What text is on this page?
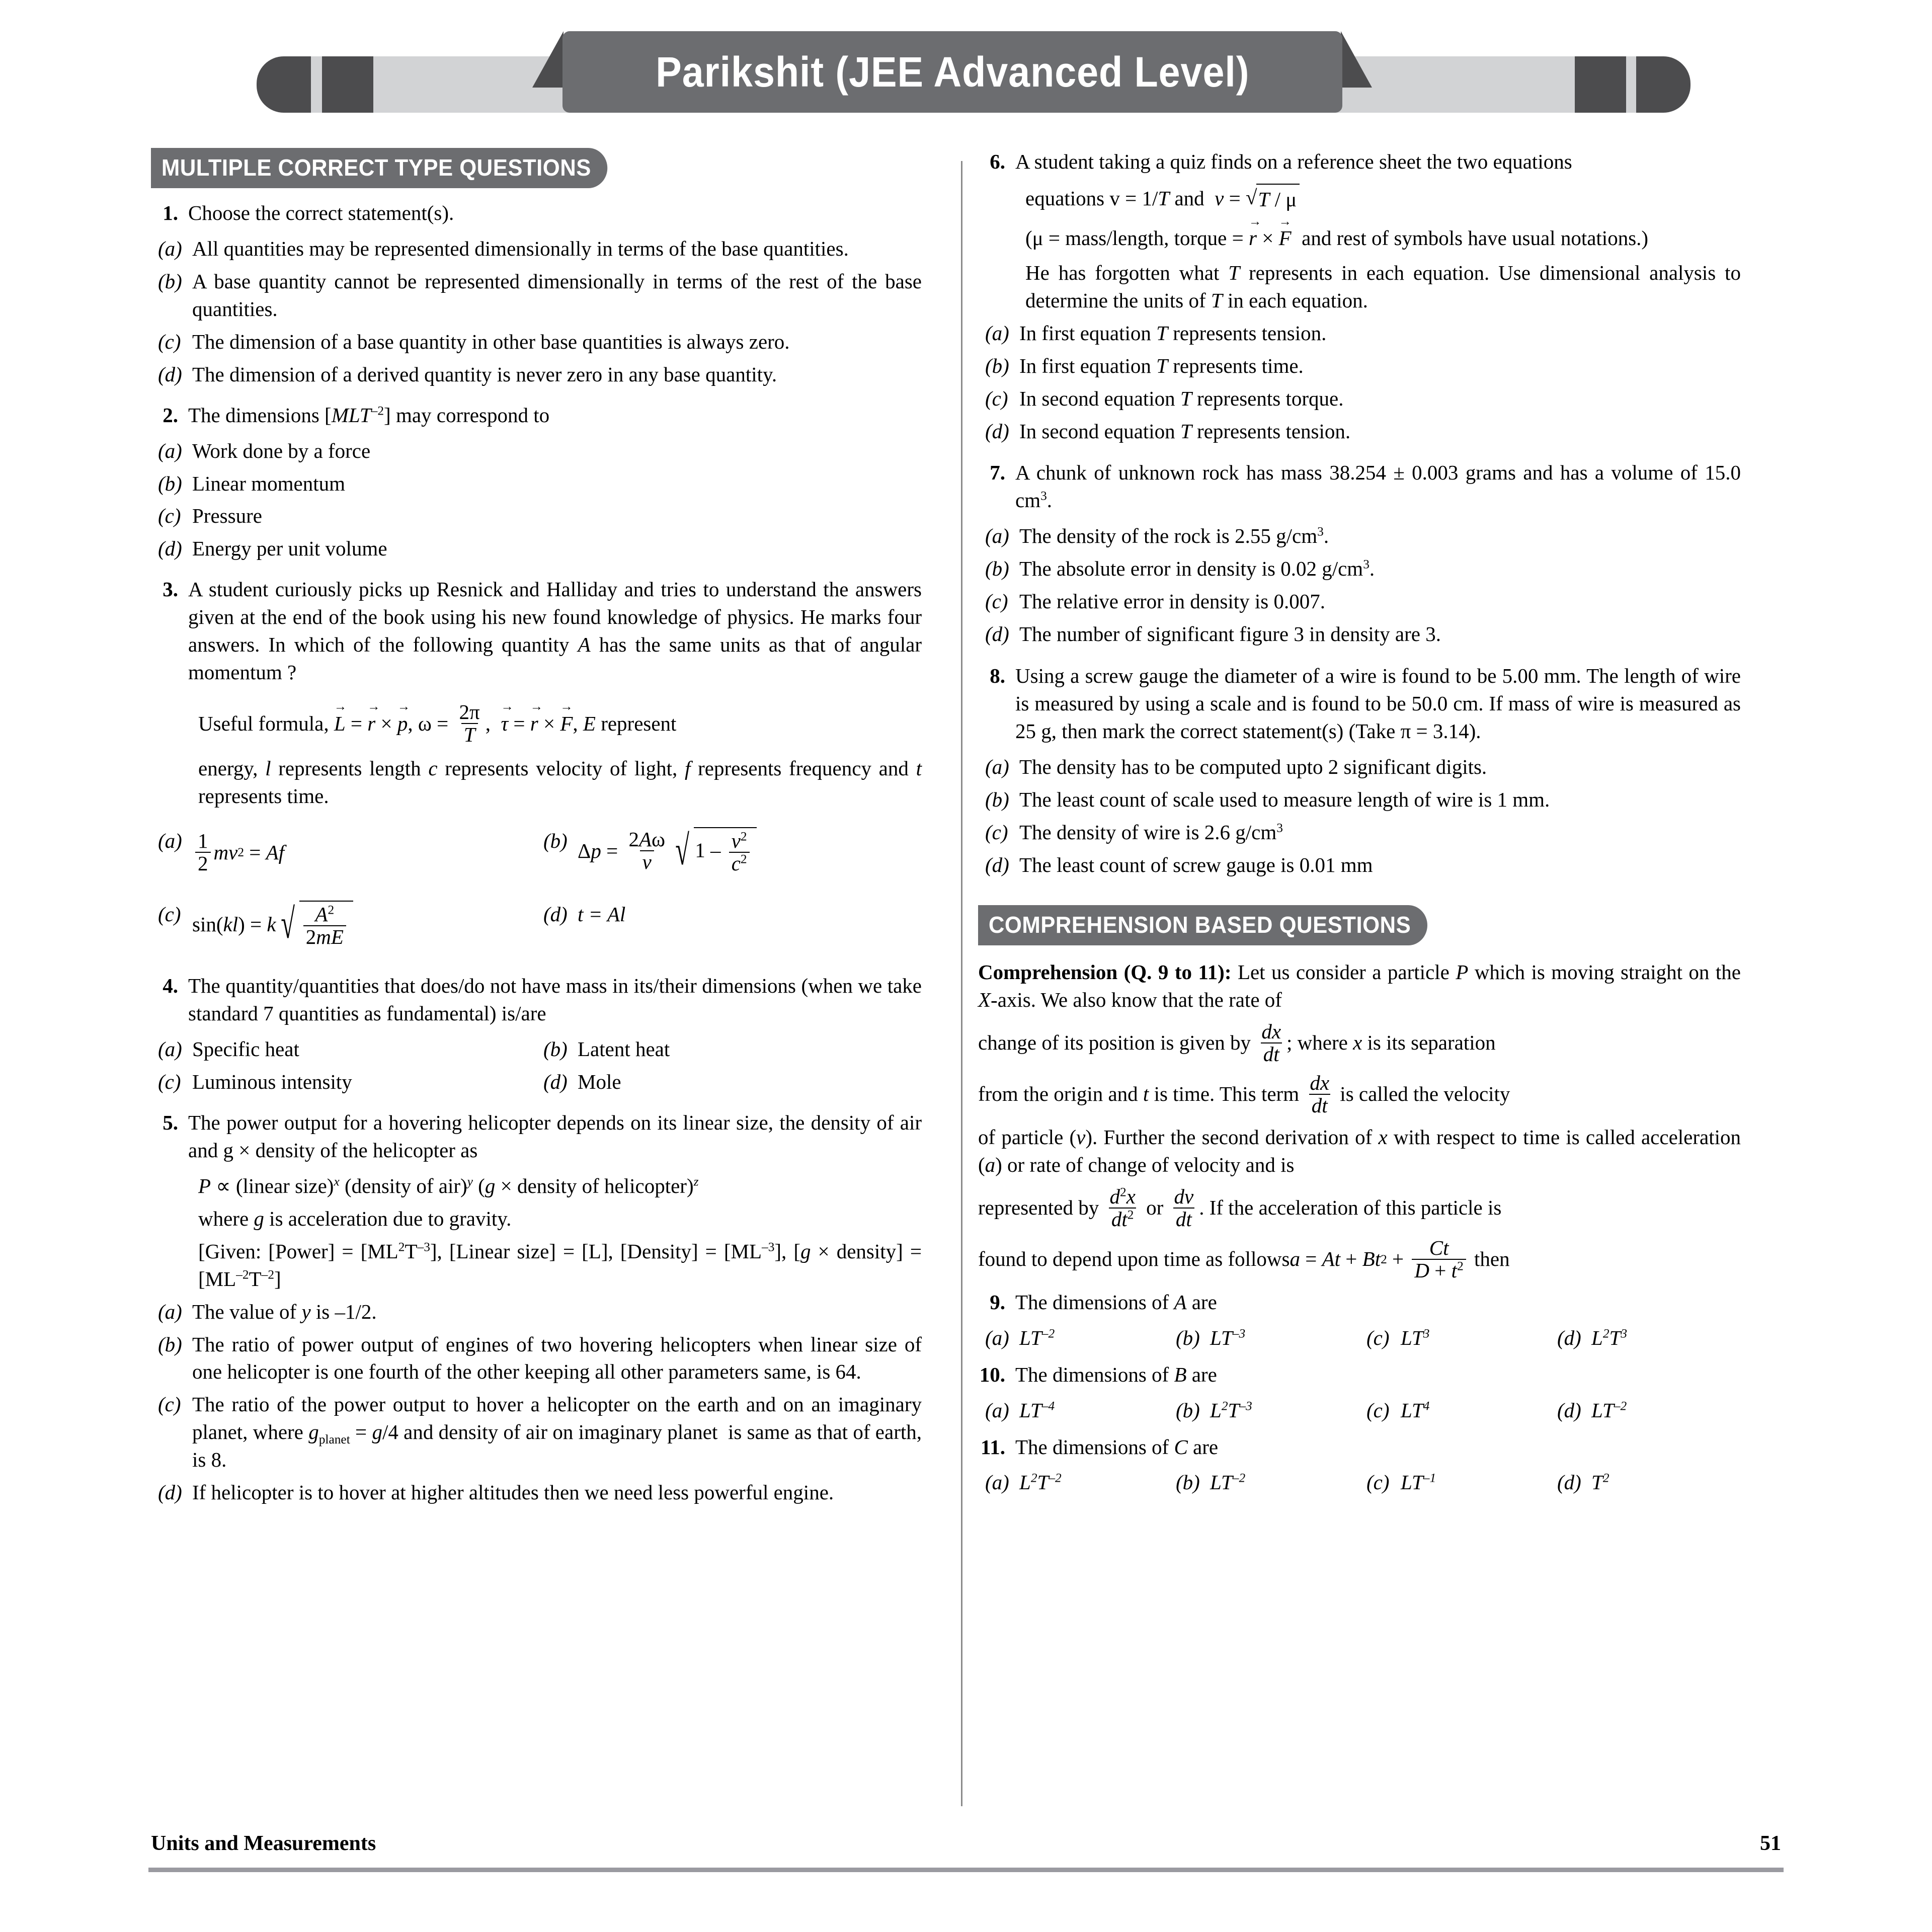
Parikshit (JEE Advanced Level)
MULTIPLE CORRECT TYPE QUESTIONS
1. Choose the correct statement(s).
(a) All quantities may be represented dimensionally in terms of the base quantities.
(b) A base quantity cannot be represented dimensionally in terms of the rest of the base quantities.
(c) The dimension of a base quantity in other base quantities is always zero.
(d) The dimension of a derived quantity is never zero in any base quantity.
2. The dimensions $[MLT^{-2}]$ may correspond to
(a) Work done by a force
(b) Linear momentum
(c) Pressure
(d) Energy per unit volume
3. A student curiously picks up Resnick and Halliday and tries to understand the answers given at the end of the book using his new found knowledge of physics. He marks four answers. In which of the following quantity A has the same units as that of angular momentum ?
Useful formula,
L → = r → × p → , $\omega = \frac{2\pi}{T}$ , τ → = r → × F → , E
represent
energy, l represents length c represents velocity of light, f represents frequency and t represents time.
$(a) \frac{1}{2}$ mv 2 = Af	(b) Δ $p = \frac{2A\omega}{v}$ √ $1 - \frac{v^2}{c^2}$
(c) sin( kl ) = k √ $\frac{A^2}{2mE}$	(d) t = Al
4. The quantity/quantities that does/do not have mass in its/their dimensions (when we take standard 7 quantities as fundamental) is/are
(a) Specific heat	(b) Latent heat
(c) Luminous intensity	(d) Mole
5. The power output for a hovering helicopter depends on its linear size, the density of air and g × density of the helicopter as
P ∝ (linear size)$^x$ (density of air)$^y$ (g × density of helicopter)$^z$
where g is acceleration due to gravity.
[Given: [Power] = $[ML^2T^{-3}]$, [Linear size] = [L], [Density] = $[ML^{-3}]$, [g × density] = $[ML^{-2}T^{-2}]$
(a) The value of y is –1/2.
(b) The ratio of power output of engines of two hovering helicopters when linear size of one helicopter is one fourth of the other keeping all other parameters same, is 64.
(c) The ratio of the power output to hover a helicopter on the earth and on an imaginary planet, where $g_{planet} = g/4$ and density of air on imaginary planet  is same as that of earth, is 8.
(d) If helicopter is to hover at higher altitudes then we need less powerful engine.
6. A student taking a quiz finds on a reference sheet the two equations
equations v = 1/ T and v = √ T / μ
(μ = mass/length, torque = r → × F →  and rest of symbols have usual notations.)
He has forgotten what T represents in each equation. Use dimensional analysis to determine the units of T in each equation.
(a) In first equation T represents tension.
(b) In first equation T represents time.
(c) In second equation T represents torque.
(d) In second equation T represents tension.
7. A chunk of unknown rock has mass 38.254 ± 0.003 grams and has a volume of 15.0 $cm^3$.
(a) The density of the rock is 2.55 $g/cm^3$.
(b) The absolute error in density is 0.02 $g/cm^3$.
(c) The relative error in density is 0.007.
(d) The number of significant figure 3 in density are 3.
8. Using a screw gauge the diameter of a wire is found to be 5.00 mm. The length of wire is measured by using a scale and is found to be 50.0 cm. If mass of wire is measured as 25 g, then mark the correct statement(s) (Take π = 3.14).
(a) The density has to be computed upto 2 significant digits.
(b) The least count of scale used to measure length of wire is 1 mm.
(c) The density of wire is 2.6 $g/cm^3$
(d) The least count of screw gauge is 0.01 mm
COMPREHENSION BASED QUESTIONS
Comprehension (Q. 9 to 11): Let us consider a particle P which is moving straight on the X-axis. We also know that the rate of
change of its position is given by $\frac{dx}{dt}$ ; where x is its separation
from the origin and t is time. This term $\frac{dx}{dt}$ is called the velocity
of particle (v). Further the second derivation of x with respect to time is called acceleration (a) or rate of change of velocity and is
represented by $\frac{d^2x}{dt^2}$ or $\frac{dv}{dt}$ . If the acceleration of this particle is
found to depend upon time as follows a = At + Bt $2 + \frac{Ct}{D + t^2}$ then
9. The dimensions of A are
(a) $LT^{-2}$	(b) $LT^{-3}$	(c) $LT^3$	(d) $L^2T^3$
10. The dimensions of B are
(a) $LT^{-4}$	(b) $L^2T^{-3}$	(c) $LT^4$	(d) $LT^{-2}$
11. The dimensions of C are
(a) $L^2T^{-2}$	(b) $LT^{-2}$	(c) $LT^{-1}$	(d) $T^2$
Units and Measurements	51
